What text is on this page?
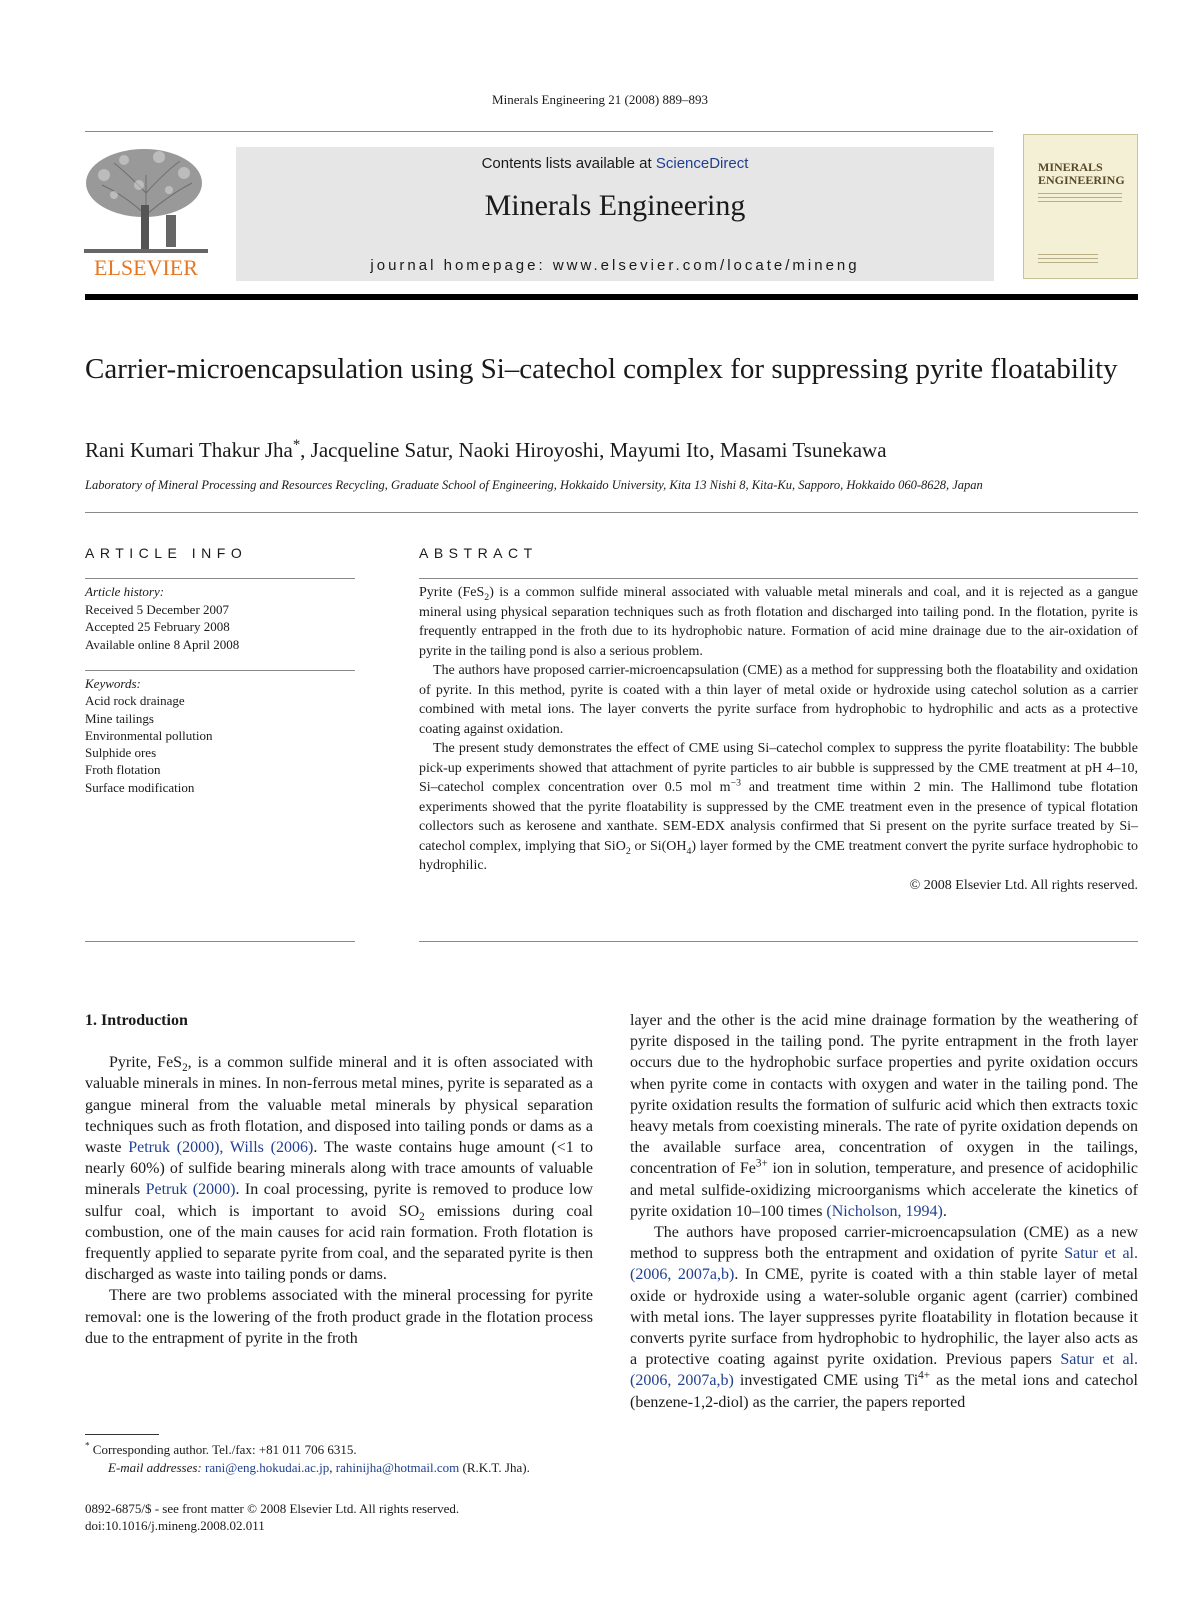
Minerals Engineering 21 (2008) 889–893
ELSEVIER
Contents lists available at ScienceDirect
Minerals Engineering
journal homepage: www.elsevier.com/locate/mineng
MINERALS
ENGINEERING
Carrier-microencapsulation using Si–catechol complex for suppressing pyrite floatability
Rani Kumari Thakur Jha*, Jacqueline Satur, Naoki Hiroyoshi, Mayumi Ito, Masami Tsunekawa
Laboratory of Mineral Processing and Resources Recycling, Graduate School of Engineering, Hokkaido University, Kita 13 Nishi 8, Kita-Ku, Sapporo, Hokkaido 060-8628, Japan
ARTICLE INFO	ABSTRACT
Article history:
Received 5 December 2007
Accepted 25 February 2008
Available online 8 April 2008
Keywords:
Acid rock drainage
Mine tailings
Environmental pollution
Sulphide ores
Froth flotation
Surface modification

Pyrite (FeS$_2$) is a common sulfide mineral associated with valuable metal minerals and coal, and it is rejected as a gangue mineral using physical separation techniques such as froth flotation and discharged into tailing pond. In the flotation, pyrite is frequently entrapped in the froth due to its hydrophobic nature. Formation of acid mine drainage due to the air-oxidation of pyrite in the tailing pond is also a serious problem.

The authors have proposed carrier-microencapsulation (CME) as a method for suppressing both the floatability and oxidation of pyrite. In this method, pyrite is coated with a thin layer of metal oxide or hydroxide using catechol solution as a carrier combined with metal ions. The layer converts the pyrite surface from hydrophobic to hydrophilic and acts as a protective coating against oxidation.

The present study demonstrates the effect of CME using Si–catechol complex to suppress the pyrite floatability: The bubble pick-up experiments showed that attachment of pyrite particles to air bubble is suppressed by the CME treatment at pH 4–10, Si–catechol complex concentration over 0.5 mol $m^{-3}$ and treatment time within 2 min. The Hallimond tube flotation experiments showed that the pyrite floatability is suppressed by the CME treatment even in the presence of typical flotation collectors such as kerosene and xanthate. SEM-EDX analysis confirmed that Si present on the pyrite surface treated by Si–catechol complex, implying that SiO$_2$ or $Si(OH_4)$ layer formed by the CME treatment convert the pyrite surface hydrophobic to hydrophilic.

© 2008 Elsevier Ltd. All rights reserved.
1. Introduction

Pyrite, FeS$_2$, is a common sulfide mineral and it is often associated with valuable minerals in mines. In non-ferrous metal mines, pyrite is separated as a gangue mineral from the valuable metal minerals by physical separation techniques such as froth flotation, and disposed into tailing ponds or dams as a waste Petruk (2000), Wills (2006). The waste contains huge amount (<1 to nearly 60%) of sulfide bearing minerals along with trace amounts of valuable minerals Petruk (2000). In coal processing, pyrite is removed to produce low sulfur coal, which is important to avoid $SO_2$ emissions during coal combustion, one of the main causes for acid rain formation. Froth flotation is frequently applied to separate pyrite from coal, and the separated pyrite is then discharged as waste into tailing ponds or dams.

There are two problems associated with the mineral processing for pyrite removal: one is the lowering of the froth product grade in the flotation process due to the entrapment of pyrite in the froth

layer and the other is the acid mine drainage formation by the weathering of pyrite disposed in the tailing pond. The pyrite entrapment in the froth layer occurs due to the hydrophobic surface properties and pyrite oxidation occurs when pyrite come in contacts with oxygen and water in the tailing pond. The pyrite oxidation results the formation of sulfuric acid which then extracts toxic heavy metals from coexisting minerals. The rate of pyrite oxidation depends on the available surface area, concentration of oxygen in the tailings, concentration of $Fe^{3+}$ ion in solution, temperature, and presence of acidophilic and metal sulfide-oxidizing microorganisms which accelerate the kinetics of pyrite oxidation 10–100 times (Nicholson, 1994).

The authors have proposed carrier-microencapsulation (CME) as a new method to suppress both the entrapment and oxidation of pyrite Satur et al. (2006, 2007a,b). In CME, pyrite is coated with a thin stable layer of metal oxide or hydroxide using a water-soluble organic agent (carrier) combined with metal ions. The layer suppresses pyrite floatability in flotation because it converts pyrite surface from hydrophobic to hydrophilic, the layer also acts as a protective coating against pyrite oxidation. Previous papers Satur et al. (2006, 2007a,b) investigated CME using $Ti^{4+}$ as the metal ions and catechol (benzene-1,2-diol) as the carrier, the papers reported

* Corresponding author. Tel./fax: +81 011 706 6315.
E-mail addresses: rani@eng.hokudai.ac.jp, rahinijha@hotmail.com (R.K.T. Jha).
0892-6875/$ - see front matter © 2008 Elsevier Ltd. All rights reserved.
doi:10.1016/j.mineng.2008.02.011
